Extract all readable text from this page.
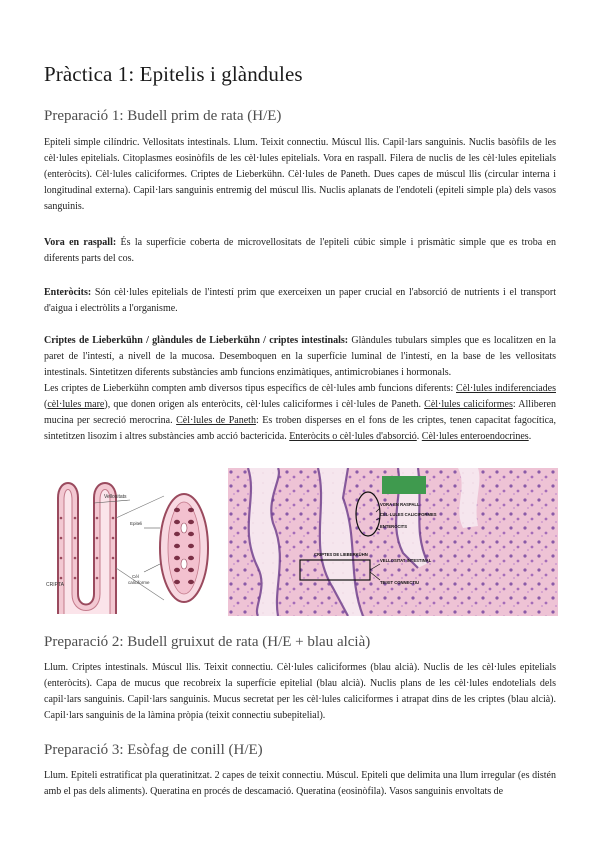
Pràctica 1: Epitelis i glàndules
Preparació 1: Budell prim de rata (H/E)

Epiteli simple cilíndric. Vellositats intestinals. Llum. Teixit connectiu. Múscul llis. Capil·lars sanguinis. Nuclis basòfils de les cèl·lules epitelials. Citoplasmes eosinòfils de les cèl·lules epitelials. Vora en raspall. Filera de nuclis de les cèl·lules epitelials (enteròcits). Cèl·lules caliciformes. Criptes de Lieberkühn. Cèl·lules de Paneth. Dues capes de múscul llis (circular interna i longitudinal externa). Capil·lars sanguinis entremig del múscul llis. Nuclis aplanats de l'endoteli (epiteli simple pla) dels vasos sanguinis.

Vora en raspall: És la superfície coberta de microvellositats de l'epiteli cúbic simple i prismàtic simple que es troba en diferents parts del cos.

Enteròcits: Són cèl·lules epitelials de l'intestí prim que exerceixen un paper crucial en l'absorció de nutrients i el transport d'aigua i electròlits a l'organisme.

Criptes de Lieberkühn / glàndules de Lieberkühn / criptes intestinals: Glàndules tubulars simples que es localitzen en la paret de l'intestí, a nivell de la mucosa. Desemboquen en la superfície luminal de l'intestí, en la base de les vellositats intestinals. Sintetitzen diferents substàncies amb funcions enzimàtiques, antimicrobianes i hormonals.

Les criptes de Lieberkühn compten amb diversos tipus específics de cèl·lules amb funcions diferents: Cèl·lules indiferenciades (cèl·lules mare), que donen origen als enteròcits, cèl·lules caliciformes i cèl·lules de Paneth. Cèl·lules caliciformes: Alliberen mucina per secreció merocrina. Cèl·lules de Paneth: Es troben disperses en el fons de les criptes, tenen capacitat fagocítica, sintetitzen lisozim i altres substàncies amb acció bactericida. Enteròcits o cèl·lules d'absorció. Cèl·lules enteroendocrines.

Vellositats
CRIPTA
Epiteli
Cèl
caliciforme
VORA EN RASPALL
CÈL·LULES CALICIFORMES
ENTERÒCITS
CRIPTES DE LIEBERKÜHN
VELLOSITAT INTESTINAL
TEIXIT CONNECTIU
Preparació 2: Budell gruixut de rata (H/E + blau alcià)

Llum. Criptes intestinals. Múscul llis. Teixit connectiu. Cèl·lules caliciformes (blau alcià). Nuclis de les cèl·lules epitelials (enteròcits). Capa de mucus que recobreix la superfície epitelial (blau alcià). Nuclis plans de les cèl·lules endotelials dels capil·lars sanguinis. Capil·lars sanguinis. Mucus secretat per les cèl·lules caliciformes i atrapat dins de les criptes (blau alcià). Capil·lars sanguinis de la làmina pròpia (teixit connectiu subepitelial).

Preparació 3: Esòfag de conill (H/E)

Llum. Epiteli estratificat pla queratinitzat. 2 capes de teixit connectiu. Múscul. Epiteli que delimita una llum irregular (es distén amb el pas dels aliments). Queratina en procés de descamació. Queratina (eosinòfila). Vasos sanguinis envoltats de
